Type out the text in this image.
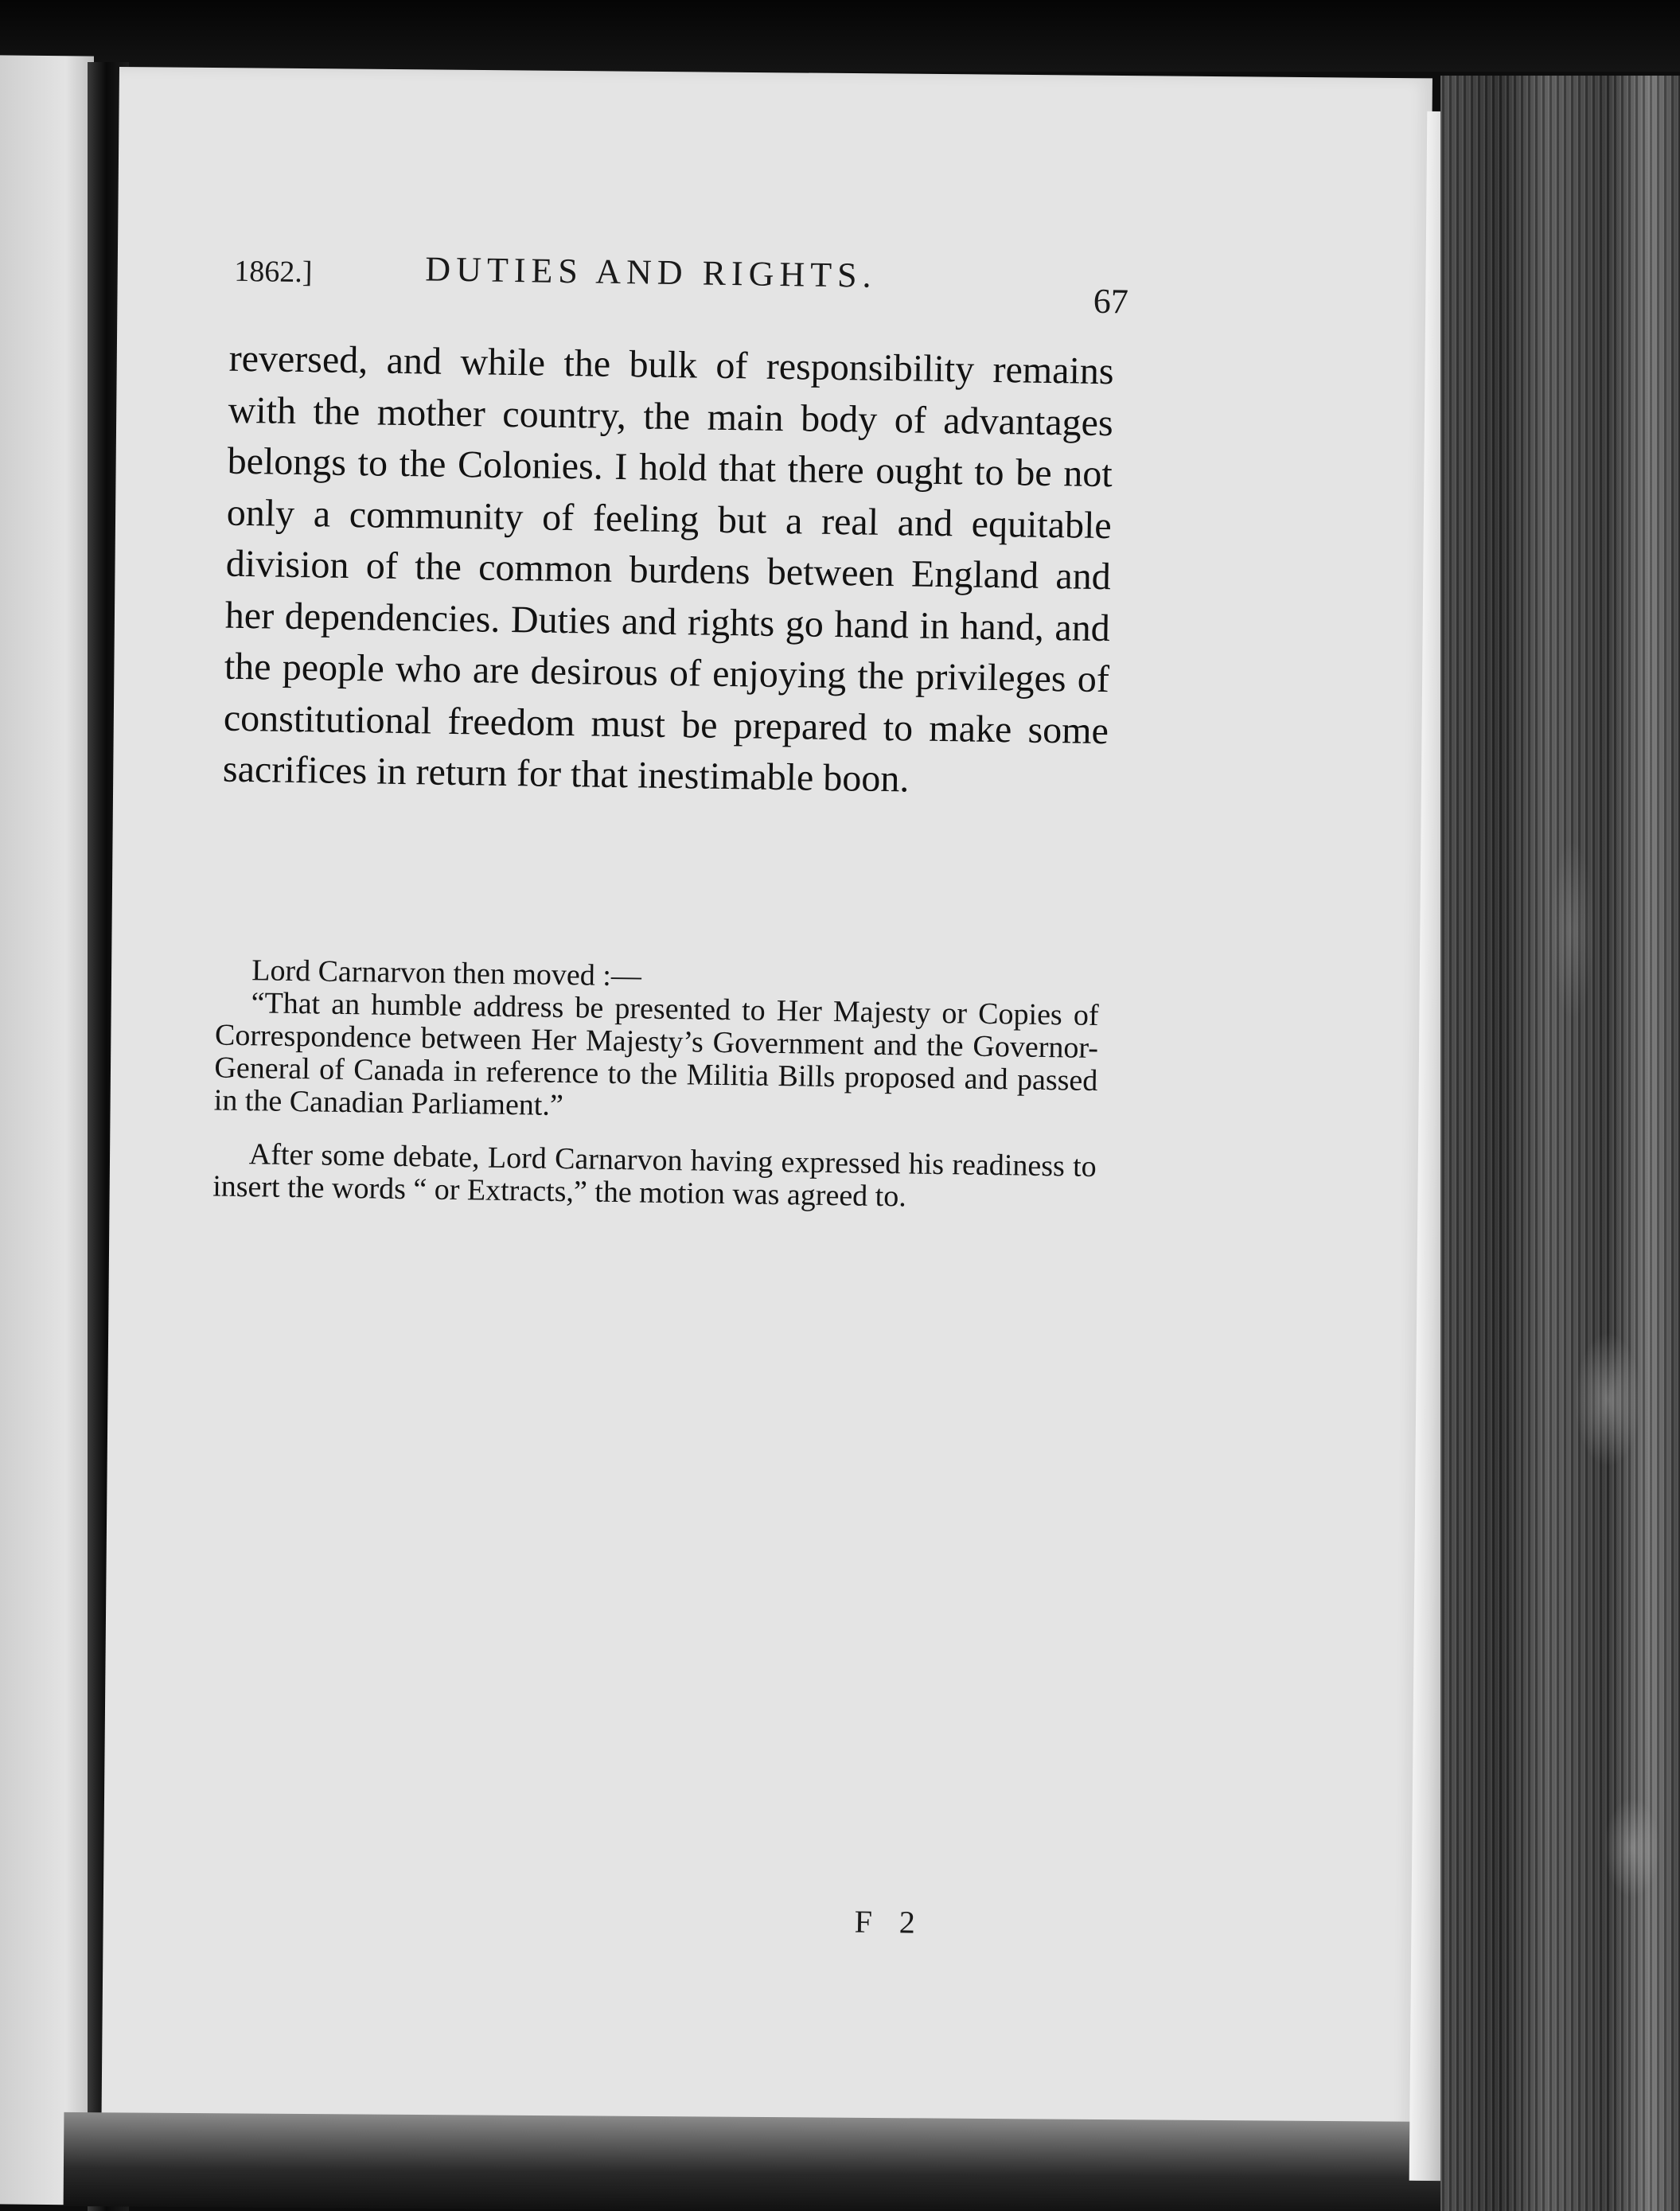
1862.]	DUTIES AND RIGHTS.
67

reversed, and while the bulk of responsibility remains with the mother country, the main body of advantages belongs to the Colonies. I hold that there ought to be not only a community of feeling but a real and equitable division of the common burdens between England and her dependencies. Duties and rights go hand in hand, and the people who are desirous of enjoying the privileges of constitutional freedom must be prepared to make some sacrifices in return for that inestimable boon.

Lord Carnarvon then moved :—

“That an humble address be presented to Her Majesty or Copies of Correspondence between Her Majesty’s Government and the Governor-General of Canada in reference to the Militia Bills proposed and passed in the Canadian Parliament.”

After some debate, Lord Carnarvon having expressed his readiness to insert the words “ or Extracts,” the motion was agreed to.

F 2
